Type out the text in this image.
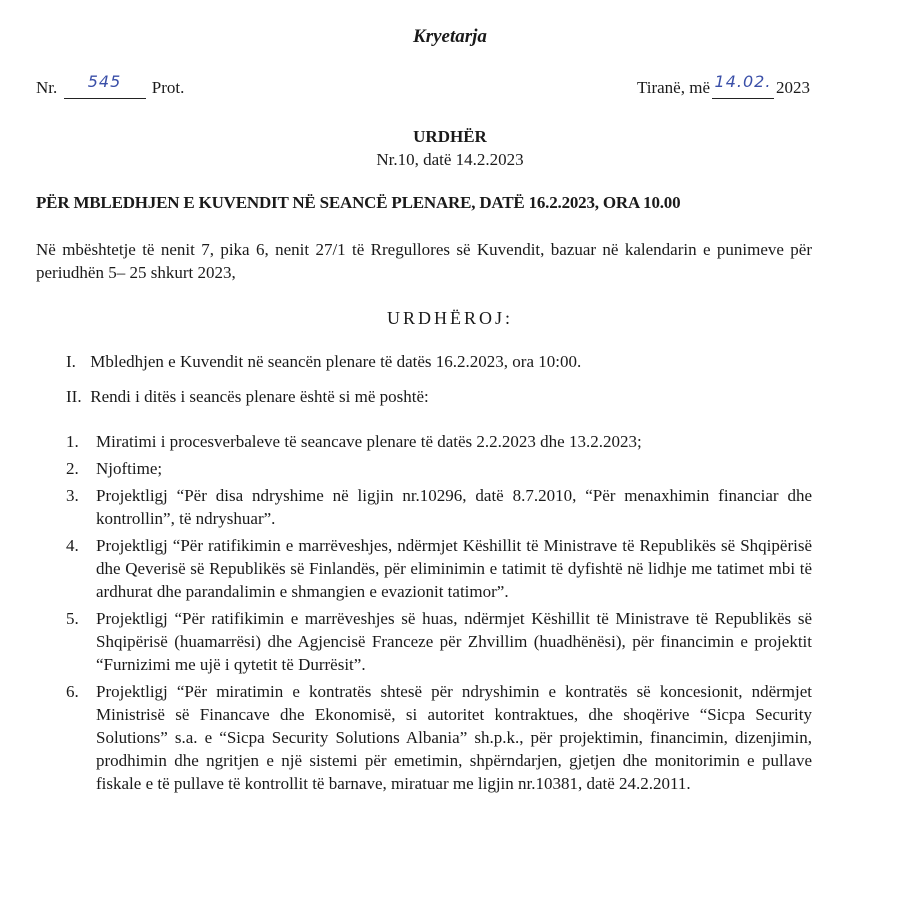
Kryetarja
Nr. 545 Prot.	Tiranë, më 14.02. 2023
URDHËR
Nr.10, datë 14.2.2023
PËR MBLEDHJEN E KUVENDIT NË SEANCË PLENARE, DATË 16.2.2023, ORA 10.00
Në mbështetje të nenit 7, pika 6, nenit 27/1 të Rregullores së Kuvendit, bazuar në kalendarin e punimeve për periudhën 5– 25 shkurt 2023,
URDHËROJ:
I. Mbledhjen e Kuvendit në seancën plenare të datës 16.2.2023, ora 10:00.
II. Rendi i ditës i seancës plenare është si më poshtë:
1. Miratimi i procesverbaleve të seancave plenare të datës 2.2.2023 dhe 13.2.2023;
2. Njoftime;
3. Projektligj “Për disa ndryshime në ligjin nr.10296, datë 8.7.2010, “Për menaxhimin financiar dhe kontrollin”, të ndryshuar”.
4. Projektligj “Për ratifikimin e marrëveshjes, ndërmjet Këshillit të Ministrave të Republikës së Shqipërisë dhe Qeverisë së Republikës së Finlandës, për eliminimin e tatimit të dyfishtë në lidhje me tatimet mbi të ardhurat dhe parandalimin e shmangien e evazionit tatimor”.
5. Projektligj “Për ratifikimin e marrëveshjes së huas, ndërmjet Këshillit të Ministrave të Republikës së Shqipërisë (huamarrësi) dhe Agjencisë Franceze për Zhvillim (huadhënësi), për financimin e projektit “Furnizimi me ujë i qytetit të Durrësit”.
6. Projektligj “Për miratimin e kontratës shtesë për ndryshimin e kontratës së koncesionit, ndërmjet Ministrisë së Financave dhe Ekonomisë, si autoritet kontraktues, dhe shoqërive “Sicpa Security Solutions” s.a. e “Sicpa Security Solutions Albania” sh.p.k., për projektimin, financimin, dizenjimin, prodhimin dhe ngritjen e një sistemi për emetimin, shpërndarjen, gjetjen dhe monitorimin e pullave fiskale e të pullave të kontrollit të barnave, miratuar me ligjin nr.10381, datë 24.2.2011.
